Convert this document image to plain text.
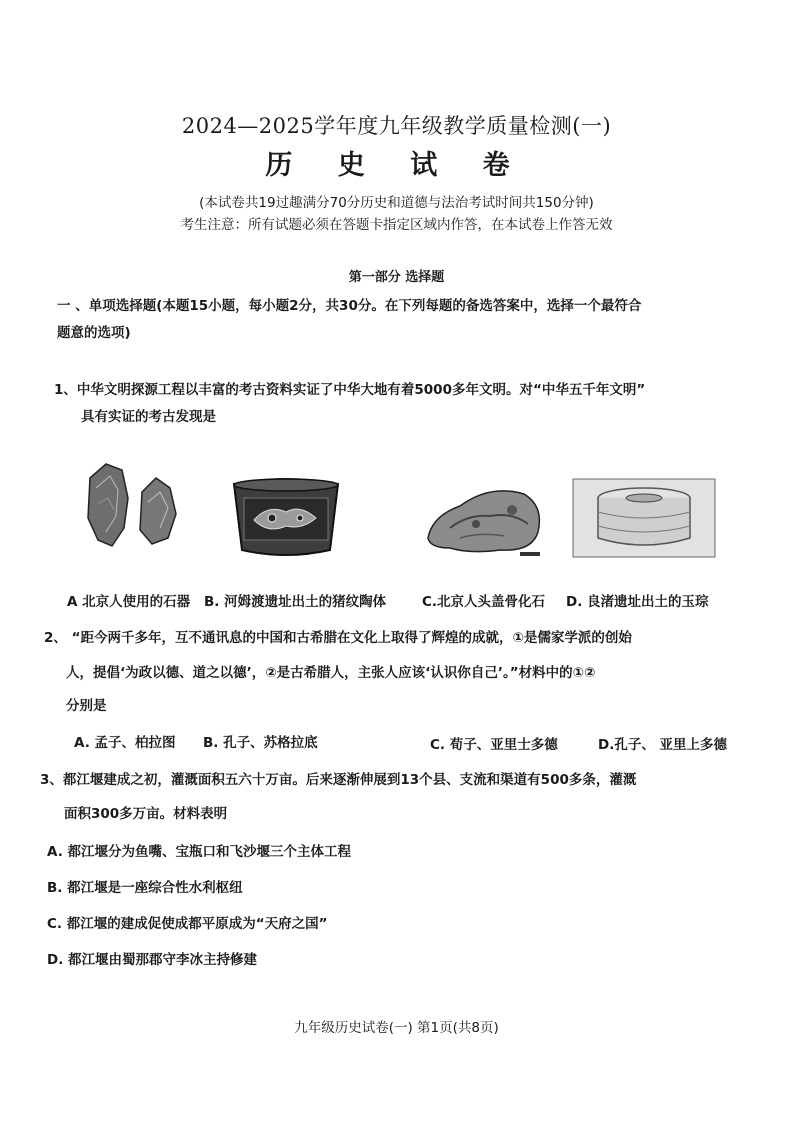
2024—2025学年度九年级教学质量检测(一)
历 史 试 卷
(本试卷共19过趣满分70分历史和道德与法治考试时间共150分钟)
考生注意：所有试题必须在答题卡指定区域内作答，在本试卷上作答无效
第一部分 选择题
一 、单项选择题(本题15小题，每小题2分，共30分。在下列每题的备选答案中，选择一个最符合
题意的选项)
1、中华文明探源工程以丰富的考古资料实证了中华大地有着5000多年文明。对“中华五千年文明”
具有实证的考古发现是
A 北京人使用的石器 B. 河姆渡遗址出土的猪纹陶体	C.北京人头盖骨化石 D. 良渚遗址出土的玉琮
2、 “距今两千多年，互不通讯息的中国和古希腊在文化上取得了辉煌的成就，①是儒家学派的创始
人，提倡‘为政以德、道之以德’，②是古希腊人，主张人应该‘认识你自己’。”材料中的①②
分别是
A. 孟子、柏拉图 B. 孔子、苏格拉底	C. 荀子、亚里士多德	D.孔子、 亚里上多德
3、都江堰建成之初，灌溉面积五六十万亩。后来逐渐伸展到13个县、支流和渠道有500多条，灌溉
面积300多万亩。材料表明
A. 都江堰分为鱼嘴、宝瓶口和飞沙堰三个主体工程
B. 都江堰是一座综合性水利枢纽
C. 都江堰的建成促使成都平原成为“天府之国”
D. 都江堰由蜀那郡守李冰主持修建
九年级历史试卷(一) 第1页(共8页)
